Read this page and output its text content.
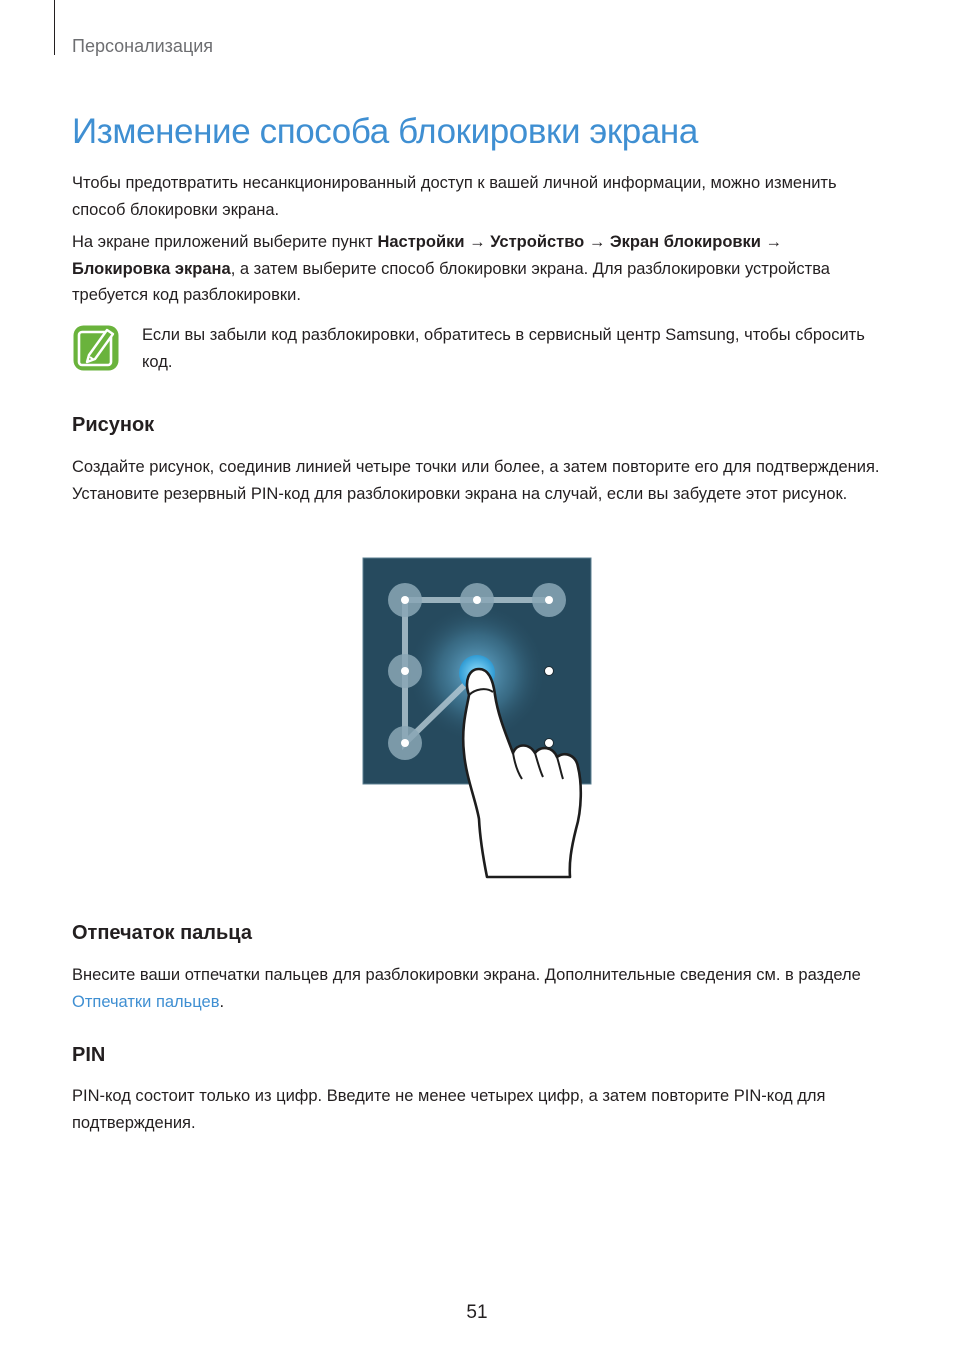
Персонализация
Изменение способа блокировки экрана

Чтобы предотвратить несанкционированный доступ к вашей личной информации, можно изменить способ блокировки экрана.

На экране приложений выберите пункт Настройки → Устройство → Экран блокировки → Блокировка экрана, а затем выберите способ блокировки экрана. Для разблокировки устройства требуется код разблокировки.

Если вы забыли код разблокировки, обратитесь в сервисный центр Samsung, чтобы сбросить код.

Рисунок

Создайте рисунок, соединив линией четыре точки или более, а затем повторите его для подтверждения. Установите резервный PIN-код для разблокировки экрана на случай, если вы забудете этот рисунок.

Отпечаток пальца

Внесите ваши отпечатки пальцев для разблокировки экрана. Дополнительные сведения см. в разделе Отпечатки пальцев.

PIN

PIN-код состоит только из цифр. Введите не менее четырех цифр, а затем повторите PIN-код для подтверждения.

51
